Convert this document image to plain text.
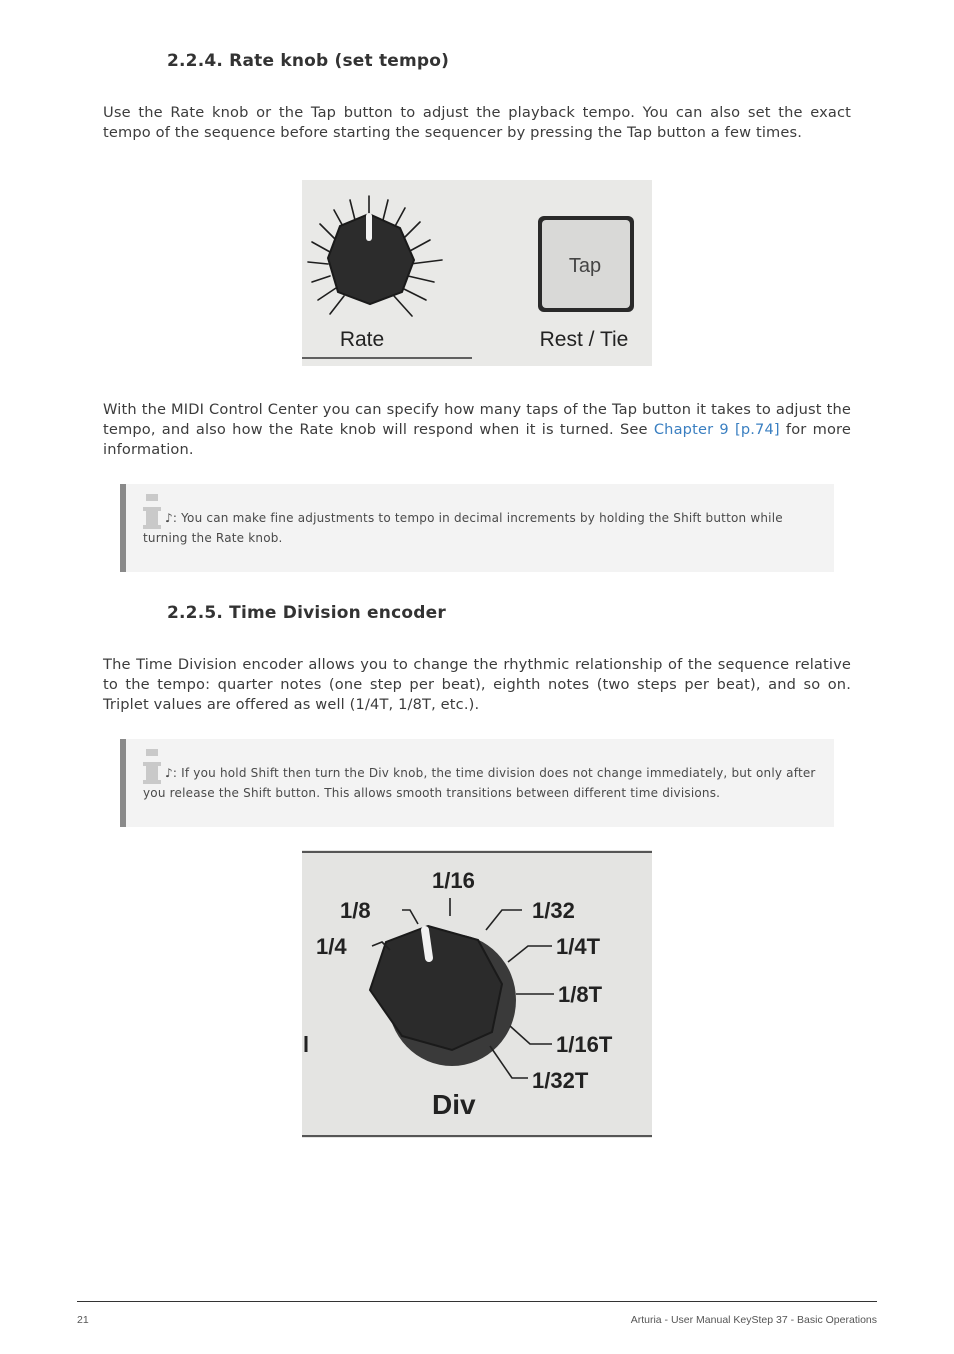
2.2.4. Rate knob (set tempo)
Use the Rate knob or the Tap button to adjust the playback tempo. You can also set the exact tempo of the sequence before starting the sequencer by pressing the Tap button a few times.
Rate
Tap
Rest / Tie
With the MIDI Control Center you can specify how many taps of the Tap button it takes to adjust the tempo, and also how the Rate knob will respond when it is turned. See Chapter 9 [p.74] for more information.
♪: You can make fine adjustments to tempo in decimal increments by holding the Shift button while turning the Rate knob.
2.2.5. Time Division encoder
The Time Division encoder allows you to change the rhythmic relationship of the sequence relative to the tempo: quarter notes (one step per beat), eighth notes (two steps per beat), and so on. Triplet values are offered as well (1/4T, 1/8T, etc.).
♪: If you hold Shift then turn the Div knob, the time division does not change immediately, but only after you release the Shift button. This allows smooth transitions between different time divisions.
1/4
1/8
1/16
1/32
1/4T
1/8T
1/16T
1/32T
Div
21	Arturia - User Manual KeyStep 37 - Basic Operations
